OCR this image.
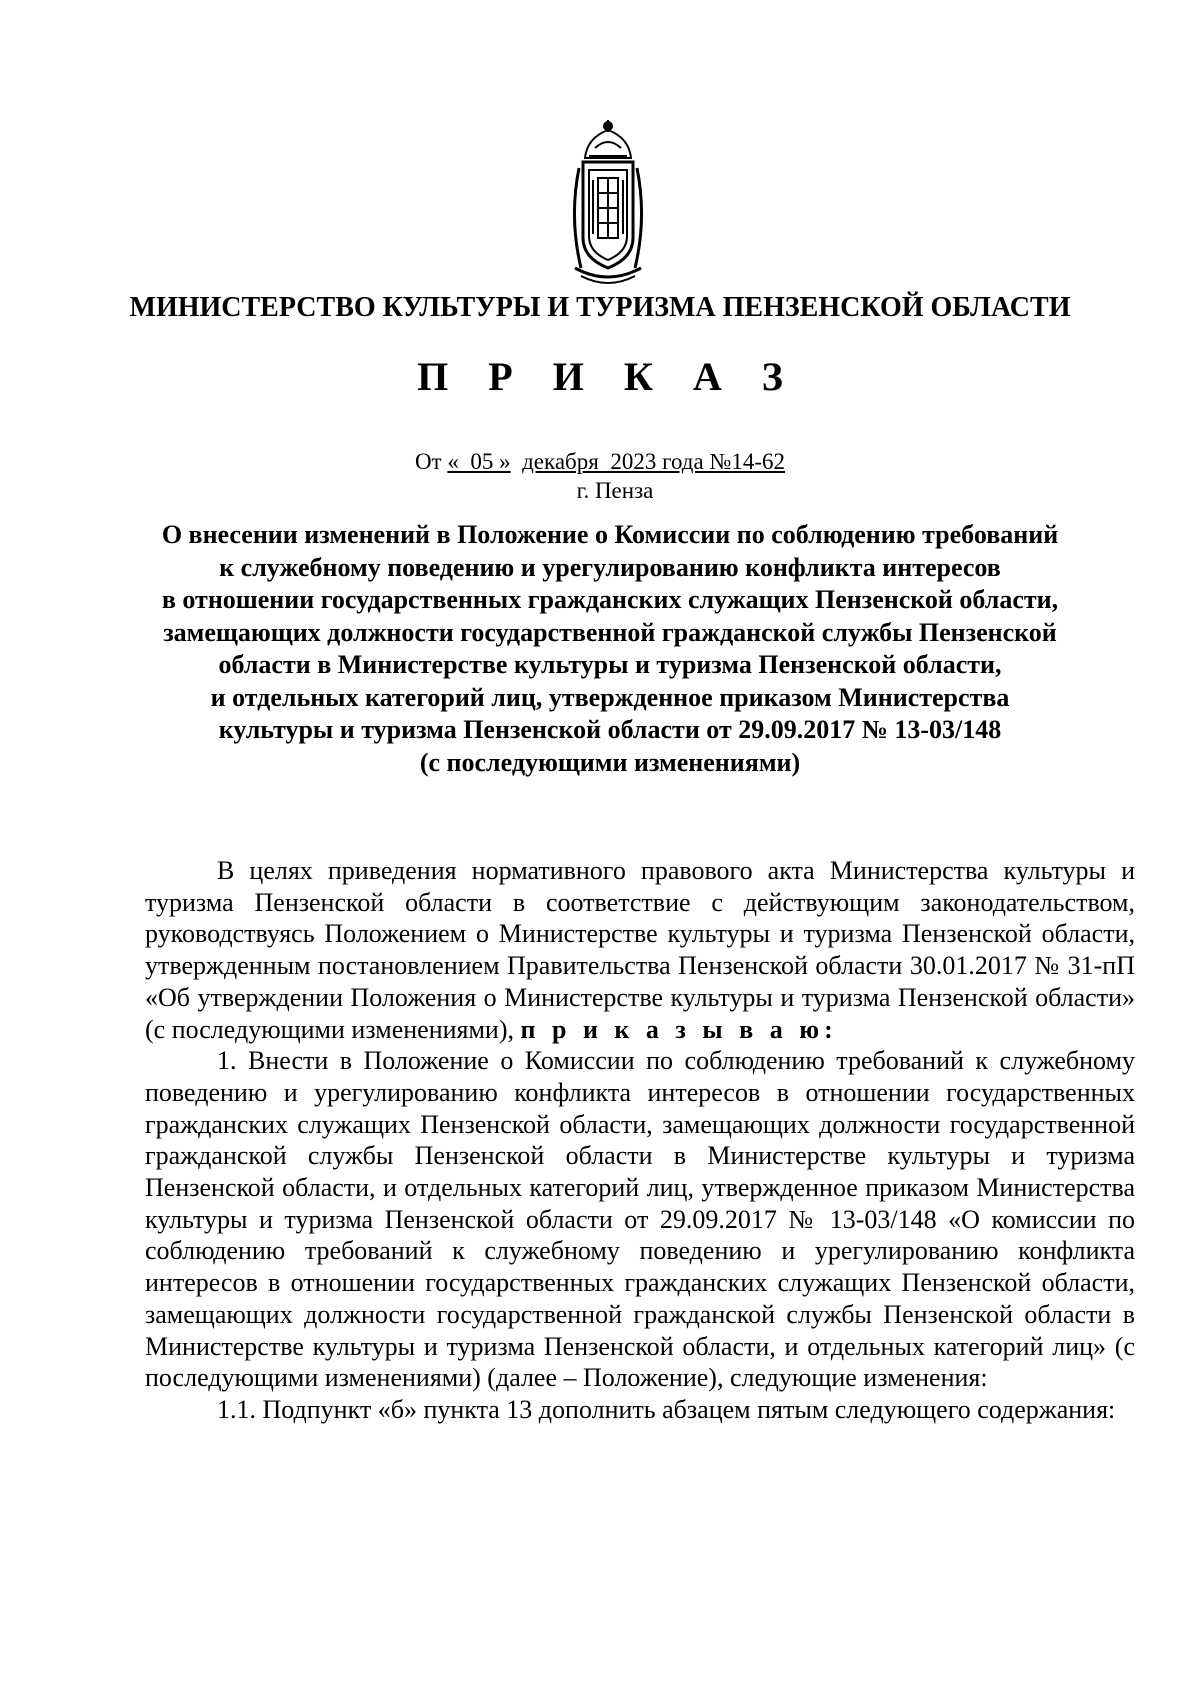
МИНИСТЕРСТВО КУЛЬТУРЫ И ТУРИЗМА ПЕНЗЕНСКОЙ ОБЛАСТИ
П Р И К А З
От «  05 » декабря  2023 года №14-62
г. Пенза
О внесении изменений в Положение о Комиссии по соблюдению требований
к служебному поведению и урегулированию конфликта интересов
в отношении государственных гражданских служащих Пензенской области,
замещающих должности государственной гражданской службы Пензенской
области в Министерстве культуры и туризма Пензенской области,
и отдельных категорий лиц, утвержденное приказом Министерства
культуры и туризма Пензенской области от 29.09.2017 № 13-03/148
(с последующими изменениями)

В целях приведения нормативного правового акта Министерства культуры и туризма Пензенской области в соответствие с действующим законодательством, руководствуясь Положением о Министерстве культуры и туризма Пензенской области, утвержденным постановлением Правительства Пензенской области 30.01.2017 № 31-пП «Об утверждении Положения о Министерстве культуры и туризма Пензенской области» (с последующими изменениями), п р и к а з ы в а ю:

1. Внести в Положение о Комиссии по соблюдению требований к служебному поведению и урегулированию конфликта интересов в отношении государственных гражданских служащих Пензенской области, замещающих должности государственной гражданской службы Пензенской области в Министерстве культуры и туризма Пензенской области, и отдельных категорий лиц, утвержденное приказом Министерства культуры и туризма Пензенской области от 29.09.2017 № 13-03/148 «О комиссии по соблюдению требований к служебному поведению и урегулированию конфликта интересов в отношении государственных гражданских служащих Пензенской области, замещающих должности государственной гражданской службы Пензенской области в Министерстве культуры и туризма Пензенской области, и отдельных категорий лиц» (с последующими изменениями) (далее – Положение), следующие изменения:

1.1. Подпункт «б» пункта 13 дополнить абзацем пятым следующего содержания:
